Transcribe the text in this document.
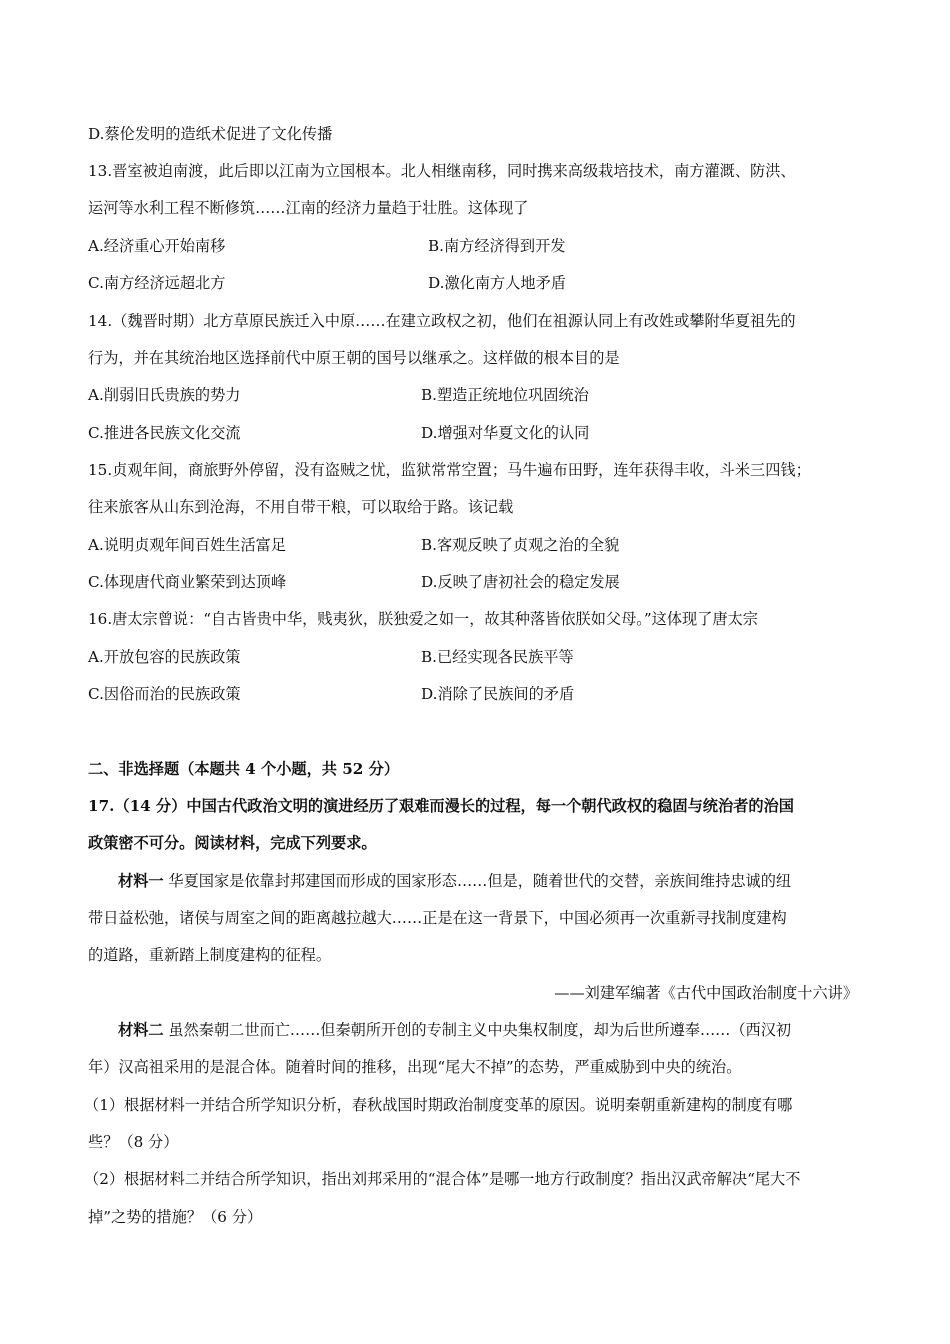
D.蔡伦发明的造纸术促进了文化传播
13.晋室被迫南渡，此后即以江南为立国根本。北人相继南移，同时携来高级栽培技术，南方灌溉、防洪、
运河等水利工程不断修筑……江南的经济力量趋于壮胜。这体现了
A.经济重心开始南移	B.南方经济得到开发
C.南方经济远超北方	D.激化南方人地矛盾
14.（魏晋时期）北方草原民族迁入中原……在建立政权之初，他们在祖源认同上有改姓或攀附华夏祖先的
行为，并在其统治地区选择前代中原王朝的国号以继承之。这样做的根本目的是
A.削弱旧氏贵族的势力	B.塑造正统地位巩固统治
C.推进各民族文化交流	D.增强对华夏文化的认同
15.贞观年间，商旅野外停留，没有盗贼之忧，监狱常常空置；马牛遍布田野，连年获得丰收，斗米三四钱；
往来旅客从山东到沧海，不用自带干粮，可以取给于路。该记载
A.说明贞观年间百姓生活富足	B.客观反映了贞观之治的全貌
C.体现唐代商业繁荣到达顶峰	D.反映了唐初社会的稳定发展
16.唐太宗曾说：“自古皆贵中华，贱夷狄，朕独爱之如一，故其种落皆依朕如父母。”这体现了唐太宗
A.开放包容的民族政策	B.已经实现各民族平等
C.因俗而治的民族政策	D.消除了民族间的矛盾
二、非选择题（本题共 4 个小题，共 52 分）
17.（14 分）中国古代政治文明的演进经历了艰难而漫长的过程，每一个朝代政权的稳固与统治者的治国
政策密不可分。阅读材料，完成下列要求。
材料一 华夏国家是依靠封邦建国而形成的国家形态……但是，随着世代的交替，亲族间维持忠诚的纽
带日益松弛，诸侯与周室之间的距离越拉越大……正是在这一背景下，中国必须再一次重新寻找制度建构
的道路，重新踏上制度建构的征程。
——刘建军编著《古代中国政治制度十六讲》
材料二 虽然秦朝二世而亡……但秦朝所开创的专制主义中央集权制度，却为后世所遵奉……（西汉初
年）汉高祖采用的是混合体。随着时间的推移，出现“尾大不掉”的态势，严重威胁到中央的统治。
（1）根据材料一并结合所学知识分析，春秋战国时期政治制度变革的原因。说明秦朝重新建构的制度有哪
些？（8 分）
（2）根据材料二并结合所学知识，指出刘邦采用的“混合体”是哪一地方行政制度？指出汉武帝解决“尾大不
掉”之势的措施？（6 分）
